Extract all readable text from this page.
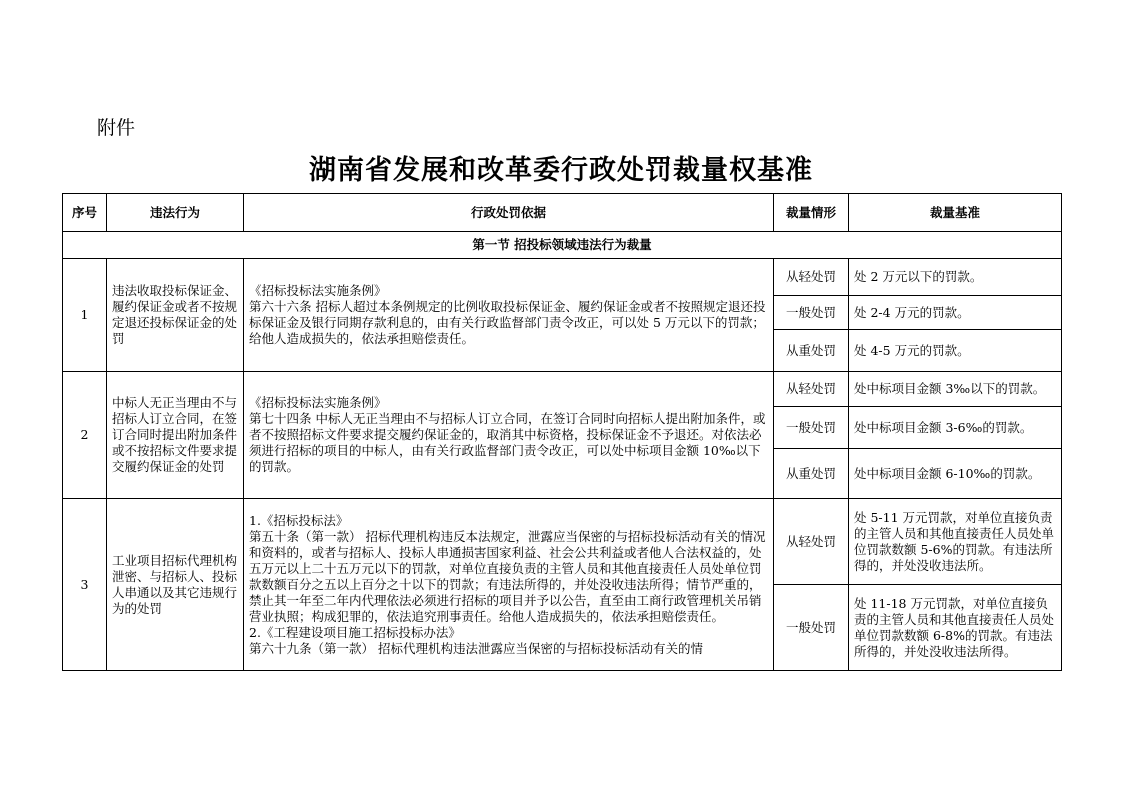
附件
湖南省发展和改革委行政处罚裁量权基准
序号	违法行为	行政处罚依据	裁量情形	裁量基准
第一节 招投标领域违法行为裁量				
1	违法收取投标保证金、履约保证金或者不按规定退还投标保证金的处罚	《招标投标法实施条例》
第六十六条 招标人超过本条例规定的比例收取投标保证金、履约保证金或者不按照规定退还投标保证金及银行同期存款利息的，由有关行政监督部门责令改正，可以处 5 万元以下的罚款；给他人造成损失的，依法承担赔偿责任。	从轻处罚	处 2 万元以下的罚款。
			一般处罚	处 2-4 万元的罚款。
			从重处罚	处 4-5 万元的罚款。
2	中标人无正当理由不与招标人订立合同，在签订合同时提出附加条件或不按招标文件要求提交履约保证金的处罚	《招标投标法实施条例》
第七十四条 中标人无正当理由不与招标人订立合同，在签订合同时向招标人提出附加条件，或者不按照招标文件要求提交履约保证金的，取消其中标资格，投标保证金不予退还。对依法必须进行招标的项目的中标人，由有关行政监督部门责令改正，可以处中标项目金额 10‰以下的罚款。	从轻处罚	处中标项目金额 3‰以下的罚款。
			一般处罚	处中标项目金额 3-6‰的罚款。
			从重处罚	处中标项目金额 6-10‰的罚款。
3	工业项目招标代理机构泄密、与招标人、投标人串通以及其它违规行为的处罚	1.《招标投标法》
第五十条（第一款） 招标代理机构违反本法规定，泄露应当保密的与招标投标活动有关的情况和资料的，或者与招标人、投标人串通损害国家利益、社会公共利益或者他人合法权益的，处五万元以上二十五万元以下的罚款，对单位直接负责的主管人员和其他直接责任人员处单位罚款数额百分之五以上百分之十以下的罚款；有违法所得的，并处没收违法所得；情节严重的，禁止其一年至二年内代理依法必须进行招标的项目并予以公告，直至由工商行政管理机关吊销营业执照；构成犯罪的，依法追究刑事责任。给他人造成损失的，依法承担赔偿责任。
2.《工程建设项目施工招标投标办法》
第六十九条（第一款） 招标代理机构违法泄露应当保密的与招标投标活动有关的情	从轻处罚	处 5-11 万元罚款，对单位直接负责的主管人员和其他直接责任人员处单位罚款数额 5-6%的罚款。有违法所得的，并处没收违法所。
			一般处罚	处 11-18 万元罚款，对单位直接负责的主管人员和其他直接责任人员处单位罚款数额 6-8%的罚款。有违法所得的，并处没收违法所得。
